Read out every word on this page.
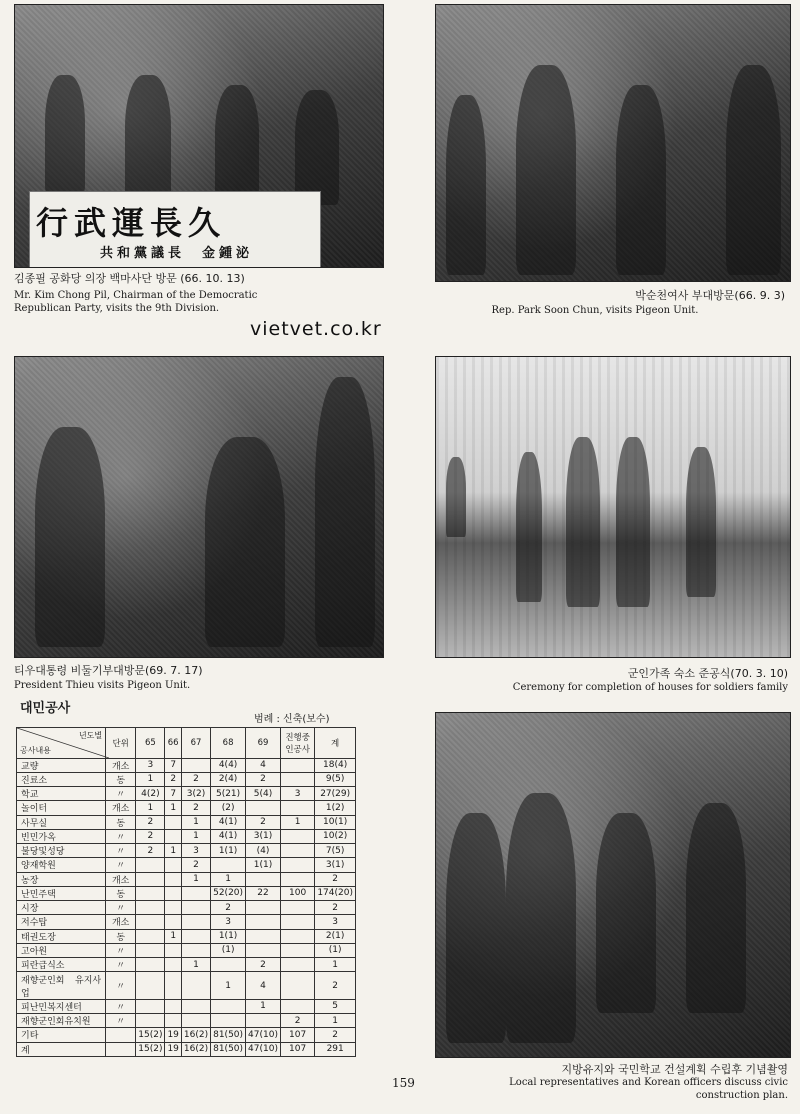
行武運長久
共和黨議長　金鍾泌
김종필 공화당 의장 백마사단 방문 (66. 10. 13)
Mr. Kim Chong Pil, Chairman of the Democratic Republican Party, visits the 9th Division.
박순천여사 부대방문(66. 9. 3)
Rep. Park Soon Chun, visits Pigeon Unit.
vietvet.co.kr
티우대통령 비둘기부대방문(69. 7. 17)
President Thieu visits Pigeon Unit.
군인가족 숙소 준공식(70. 3. 10)
Ceremony for completion of houses for soldiers family
대민공사
범례 : 신축(보수)
년도별
공사내용	단위	65	66	67	68	69	진행중 인공사	계
교량	개소	3	7		4(4)	4		18(4)
진료소	동	1	2	2	2(4)	2		9(5)
학교	〃	4(2)	7	3(2)	5(21)	5(4)	3	27(29)
놀이터	개소	1	1	2	(2)			1(2)
사무실	동	2		1	4(1)	2	1	10(1)
빈민가옥	〃	2		1	4(1)	3(1)		10(2)
불당및성당	〃	2	1	3	1(1)	(4)		7(5)
양재학원	〃			2		1(1)		3(1)
농장	개소			1	1			2
난민주택	동				52(20)	22	100	174(20)
시장	〃				2			2
저수탑	개소				3			3
태권도장	동		1		1(1)			2(1)
고아원	〃				(1)			(1)
피란급식소	〃			1		2		1
재향군인회 유지사업	〃				1	4		2
피난민복지센터	〃					1		5
재향군인회유치원	〃						2	1
기타		15(2)	19	16(2)	81(50)	47(10)	107	2
계		15(2)	19	16(2)	81(50)	47(10)	107	291
159
지방유지와 국민학교 건설계획 수립후 기념촬영
Local representatives and Korean officers discuss civic construction plan.
